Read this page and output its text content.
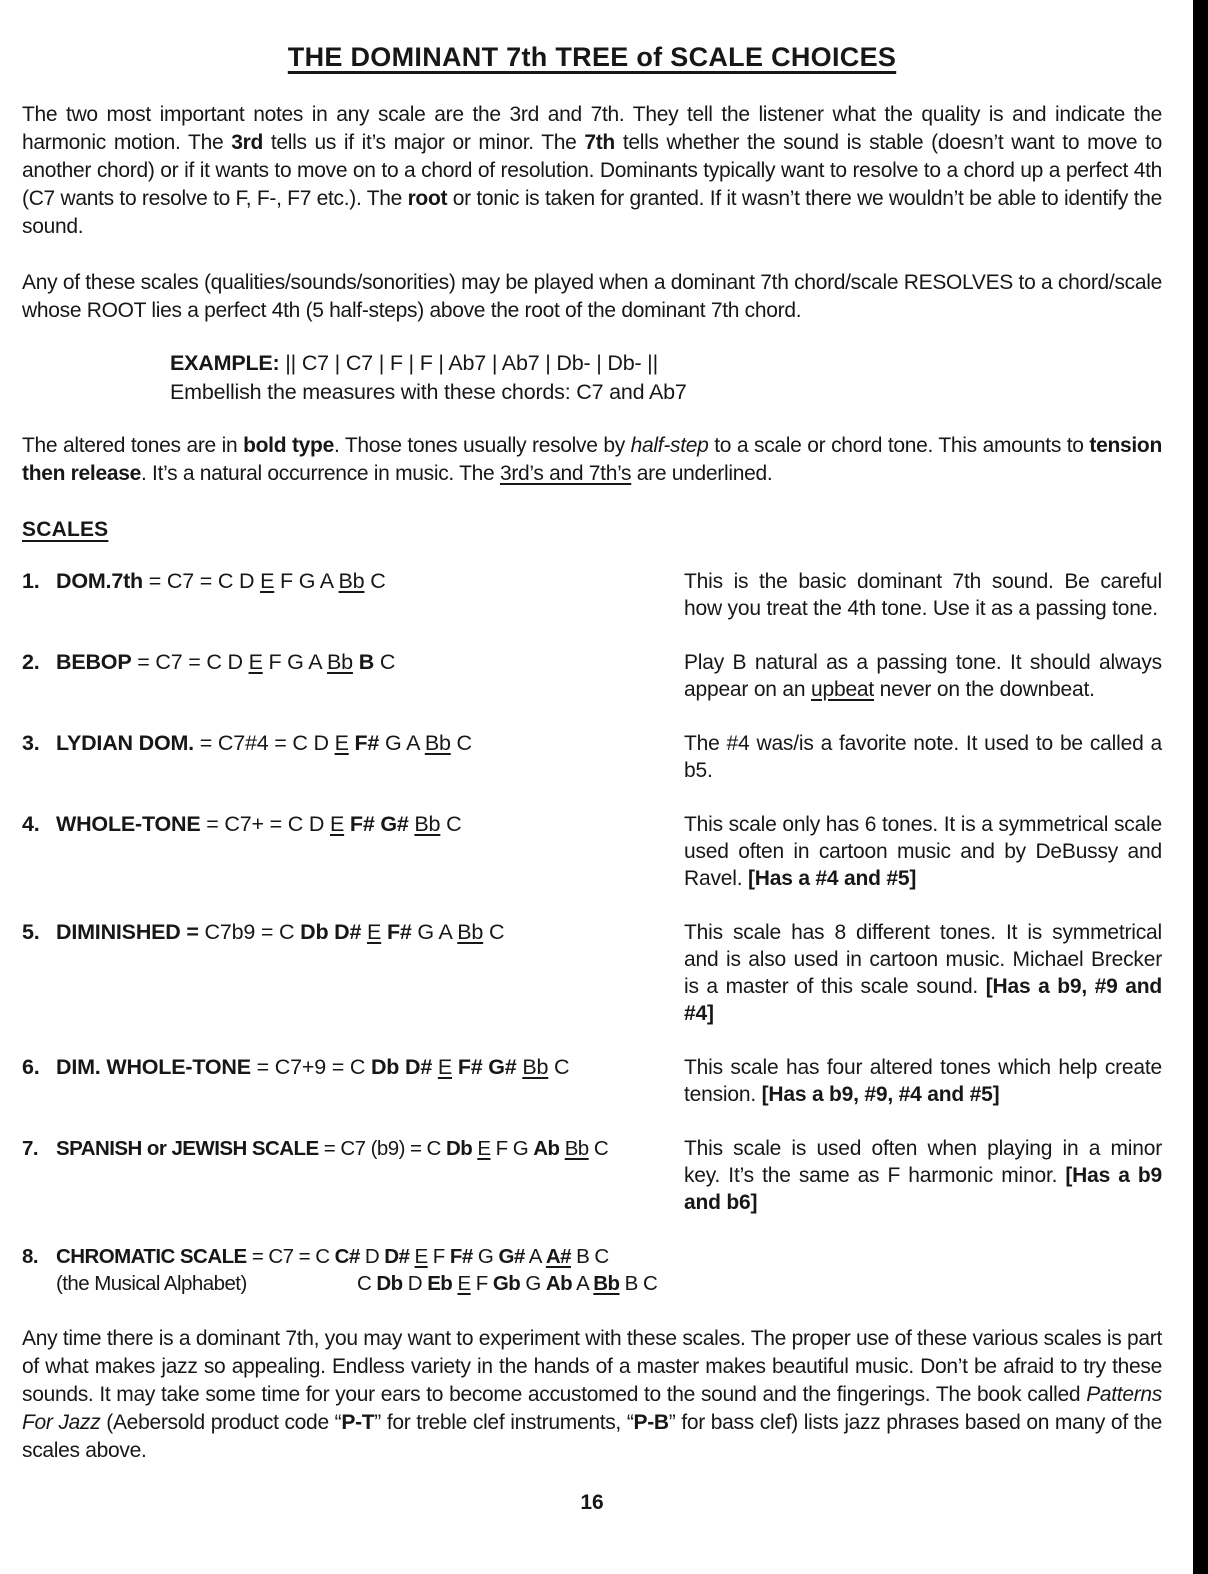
THE DOMINANT 7th TREE of SCALE CHOICES

The two most important notes in any scale are the 3rd and 7th. They tell the listener what the quality is and indicate the harmonic motion. The 3rd tells us if it’s major or minor. The 7th tells whether the sound is stable (doesn’t want to move to another chord) or if it wants to move on to a chord of resolution. Dominants typically want to resolve to a chord up a perfect 4th (C7 wants to resolve to F, F-, F7 etc.). The root or tonic is taken for granted. If it wasn’t there we wouldn’t be able to identify the sound.

Any of these scales (qualities/sounds/sonorities) may be played when a dominant 7th chord/scale RESOLVES to a chord/scale whose ROOT lies a perfect 4th (5 half-steps) above the root of the dominant 7th chord.

EXAMPLE: || C7 | C7 | F | F | Ab7 | Ab7 | Db- | Db- ||
Embellish the measures with these chords: C7 and Ab7

The altered tones are in bold type. Those tones usually resolve by half-step to a scale or chord tone. This amounts to tension then release. It’s a natural occurrence in music. The 3rd’s and 7th’s are underlined.

SCALES
1. DOM.7th = C7 = C D E F G A Bb C	This is the basic dominant 7th sound. Be careful how you treat the 4th tone. Use it as a passing tone.
2. BEBOP = C7 = C D E F G A Bb B C	Play B natural as a passing tone. It should always appear on an upbeat never on the downbeat.
3. LYDIAN DOM. = C7#4 = C D E F# G A Bb C	The #4 was/is a favorite note. It used to be called a b5.
4. WHOLE-TONE = C7+ = C D E F# G# Bb C	This scale only has 6 tones. It is a symmetrical scale used often in cartoon music and by DeBussy and Ravel. [Has a #4 and #5]
5. DIMINISHED = C7b9 = C Db D# E F# G A Bb C	This scale has 8 different tones. It is symmetrical and is also used in cartoon music. Michael Brecker is a master of this scale sound. [Has a b9, #9 and #4]
6. DIM. WHOLE-TONE = C7+9 = C Db D# E F# G# Bb C	This scale has four altered tones which help create tension. [Has a b9, #9, #4 and #5]
7. SPANISH or JEWISH SCALE = C7 (b9) = C Db E F G Ab Bb C	This scale is used often when playing in a minor key. It’s the same as F harmonic minor. [Has a b9 and b6]
8. CHROMATIC SCALE = C7 = C C# D D# E F F# G G# A A# B C
(the Musical Alphabet)	C Db D Eb E F Gb G Ab A Bb B C

Any time there is a dominant 7th, you may want to experiment with these scales. The proper use of these various scales is part of what makes jazz so appealing. Endless variety in the hands of a master makes beautiful music. Don’t be afraid to try these sounds. It may take some time for your ears to become accustomed to the sound and the fingerings. The book called Patterns For Jazz (Aebersold product code “P-T” for treble clef instruments, “P-B” for bass clef) lists jazz phrases based on many of the scales above.

16
